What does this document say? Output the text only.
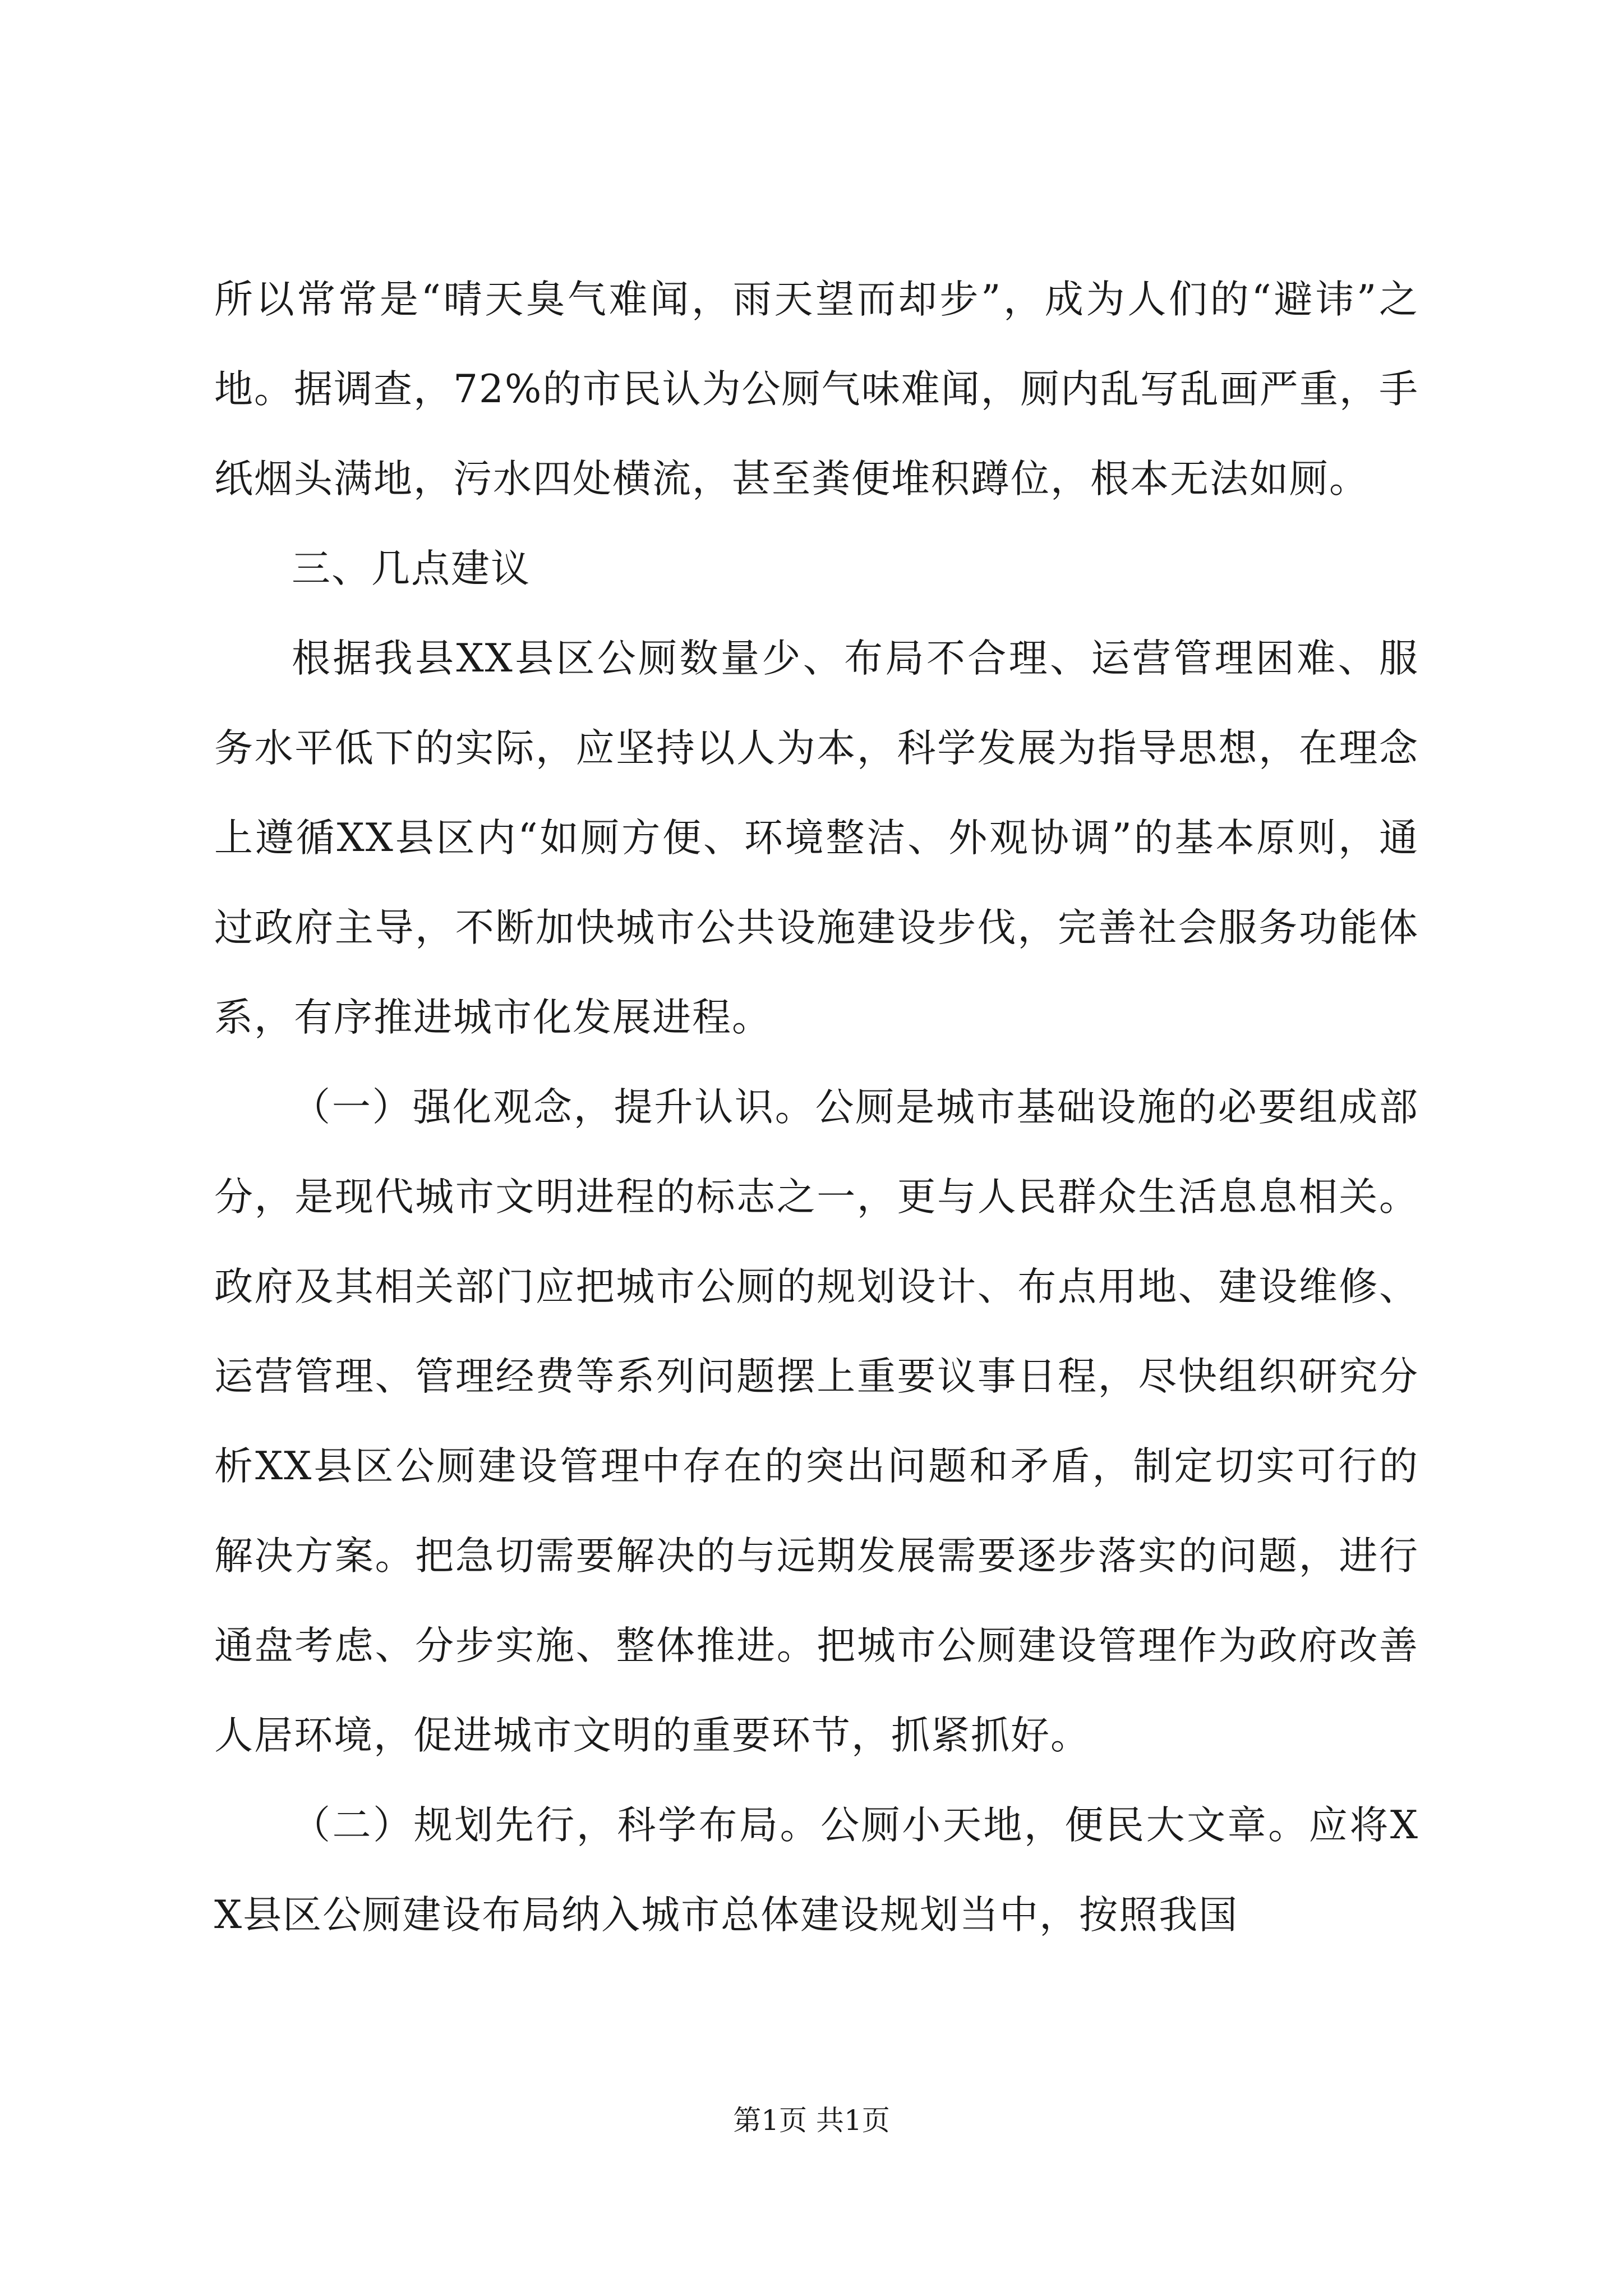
所以常常是“晴天臭气难闻，雨天望而却步”，成为人们的“避讳”之地。据调查，72%的市民认为公厕气味难闻，厕内乱写乱画严重，手纸烟头满地，污水四处横流，甚至粪便堆积蹲位，根本无法如厕。

三、几点建议

根据我县XX县区公厕数量少、布局不合理、运营管理困难、服务水平低下的实际，应坚持以人为本，科学发展为指导思想，在理念上遵循XX县区内“如厕方便、环境整洁、外观协调”的基本原则，通过政府主导，不断加快城市公共设施建设步伐，完善社会服务功能体系，有序推进城市化发展进程。

（一）强化观念，提升认识。公厕是城市基础设施的必要组成部分，是现代城市文明进程的标志之一，更与人民群众生活息息相关。政府及其相关部门应把城市公厕的规划设计、布点用地、建设维修、运营管理、管理经费等系列问题摆上重要议事日程，尽快组织研究分析XX县区公厕建设管理中存在的突出问题和矛盾，制定切实可行的解决方案。把急切需要解决的与远期发展需要逐步落实的问题，进行通盘考虑、分步实施、整体推进。把城市公厕建设管理作为政府改善人居环境，促进城市文明的重要环节，抓紧抓好。

（二）规划先行，科学布局。公厕小天地，便民大文章。应将XX县区公厕建设布局纳入城市总体建设规划当中，按照我国

第1页 共1页
